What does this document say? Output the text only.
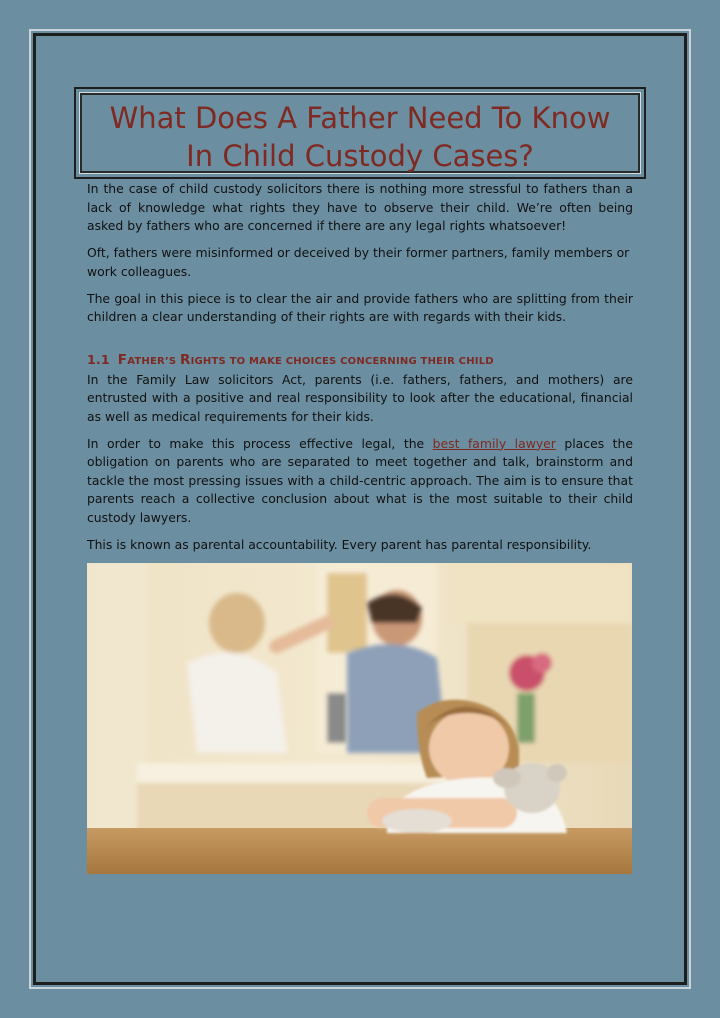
What Does A Father Need To Know
In Child Custody Cases?

In the case of child custody solicitors there is nothing more stressful to fathers than a lack of knowledge what rights they have to observe their child. We’re often being asked by fathers who are concerned if there are any legal rights whatsoever!

Oft, fathers were misinformed or deceived by their former partners, family members or work colleagues.

The goal in this piece is to clear the air and provide fathers who are splitting from their children a clear understanding of their rights are with regards with their kids.

1.1 FATHER’S RIGHTS TO MAKE CHOICES CONCERNING THEIR CHILD

In the Family Law solicitors Act, parents (i.e. fathers, fathers, and mothers) are entrusted with a positive and real responsibility to look after the educational, financial as well as medical requirements for their kids.

In order to make this process effective legal, the best family lawyer places the obligation on parents who are separated to meet together and talk, brainstorm and tackle the most pressing issues with a child-centric approach. The aim is to ensure that parents reach a collective conclusion about what is the most suitable to their child custody lawyers.

This is known as parental accountability. Every parent has parental responsibility.
